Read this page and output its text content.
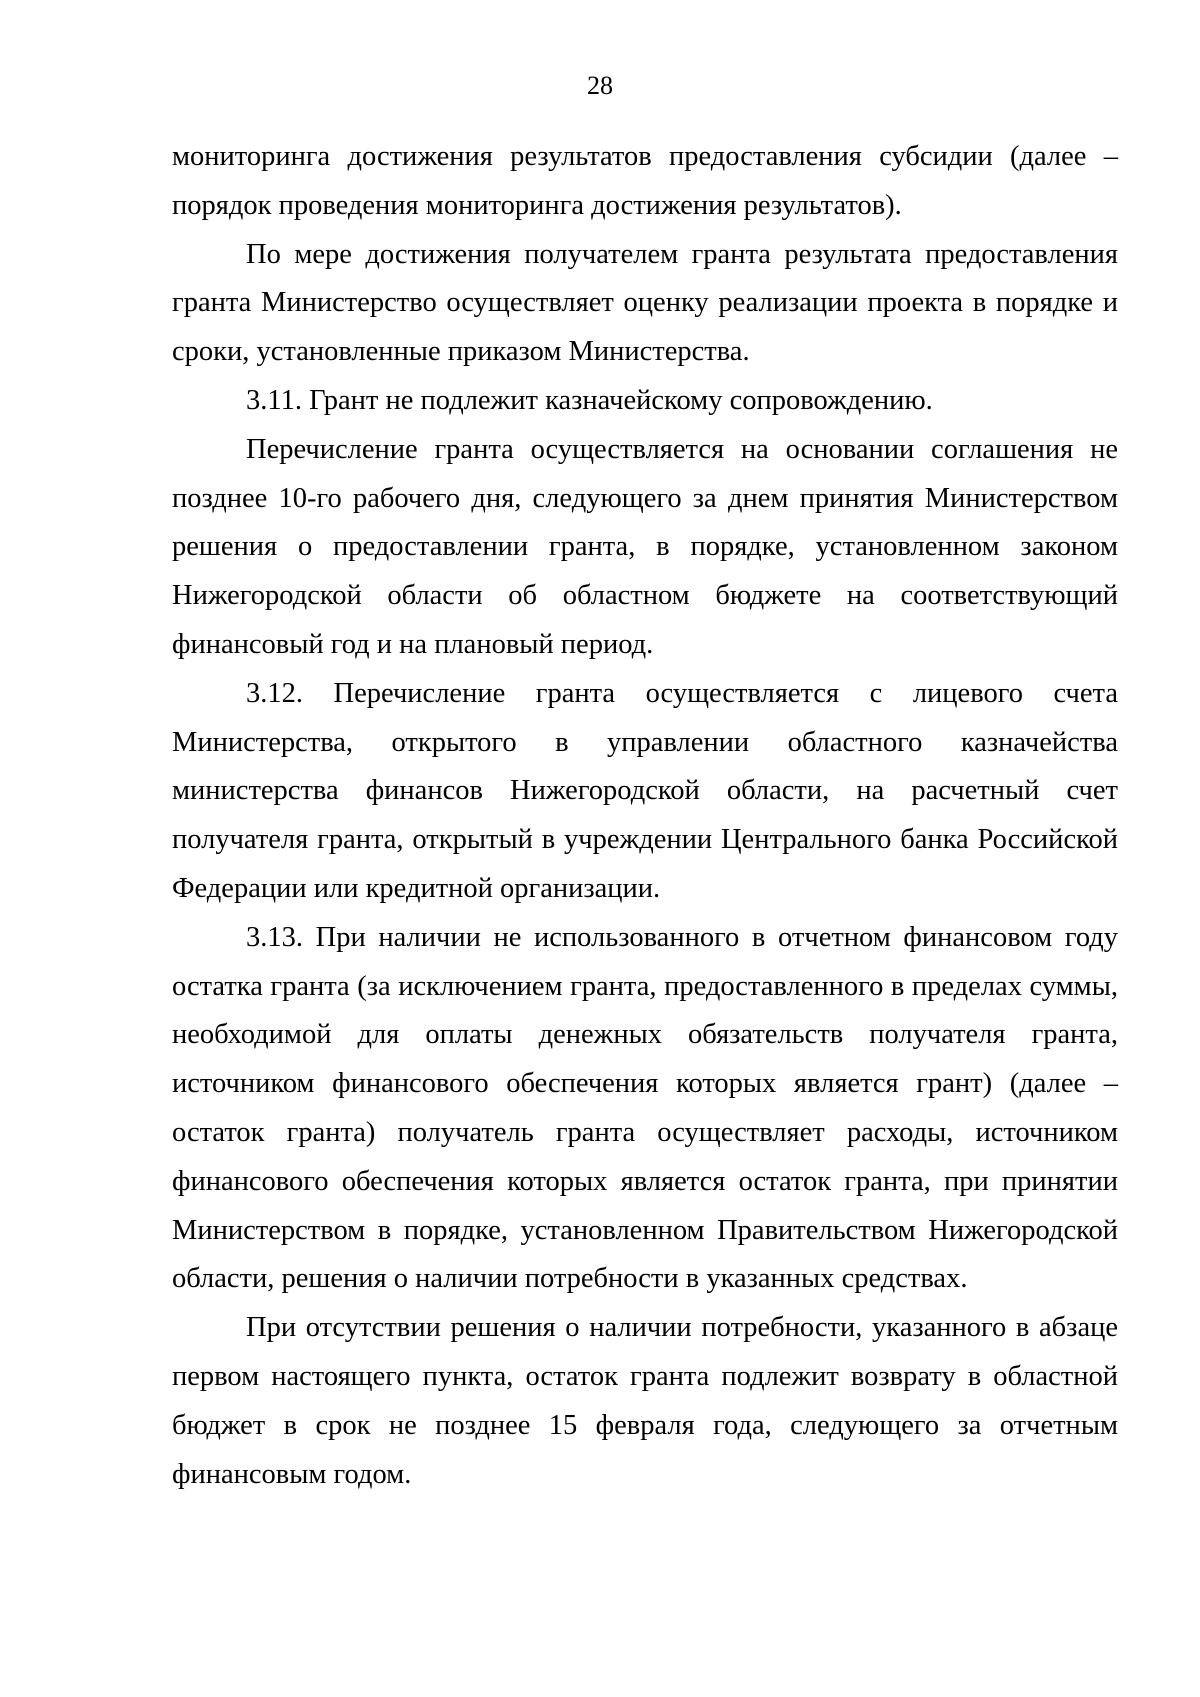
28

мониторинга достижения результатов предоставления субсидии (далее – порядок проведения мониторинга достижения результатов).

По мере достижения получателем гранта результата предоставления гранта Министерство осуществляет оценку реализации проекта в порядке и сроки, установленные приказом Министерства.

3.11. Грант не подлежит казначейскому сопровождению.

Перечисление гранта осуществляется на основании соглашения не позднее 10-го рабочего дня, следующего за днем принятия Министерством решения о предоставлении гранта, в порядке, установленном законом Нижегородской области об областном бюджете на соответствующий финансовый год и на плановый период.

3.12. Перечисление гранта осуществляется с лицевого счета Министерства, открытого в управлении областного казначейства министерства финансов Нижегородской области, на расчетный счет получателя гранта, открытый в учреждении Центрального банка Российской Федерации или кредитной организации.

3.13. При наличии не использованного в отчетном финансовом году остатка гранта (за исключением гранта, предоставленного в пределах суммы, необходимой для оплаты денежных обязательств получателя гранта, источником финансового обеспечения которых является грант) (далее – остаток гранта) получатель гранта осуществляет расходы, источником финансового обеспечения которых является остаток гранта, при принятии Министерством в порядке, установленном Правительством Нижегородской области, решения о наличии потребности в указанных средствах.

При отсутствии решения о наличии потребности, указанного в абзаце первом настоящего пункта, остаток гранта подлежит возврату в областной бюджет в срок не позднее 15 февраля года, следующего за отчетным финансовым годом.
